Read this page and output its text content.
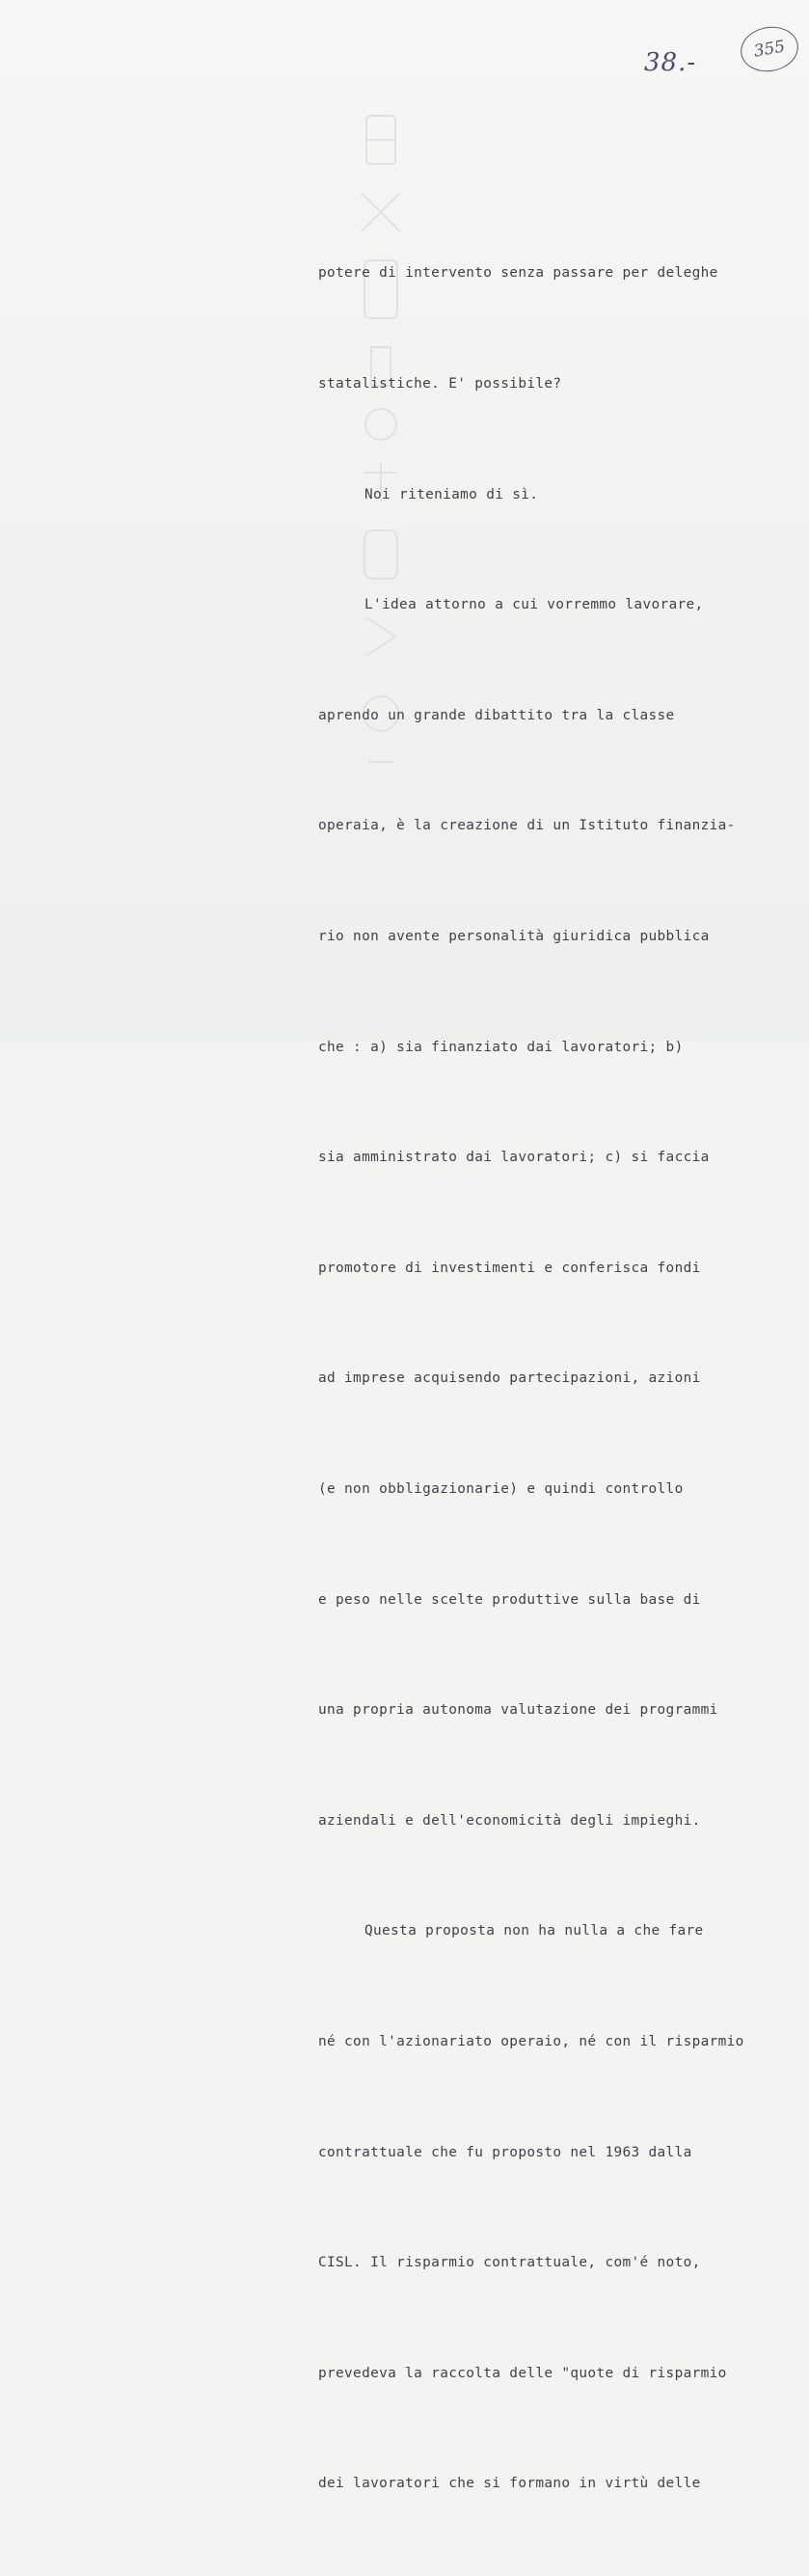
38.-	355

potere di intervento senza passare per deleghe

statalistiche. E' possibile?

Noi riteniamo di sì.

L'idea attorno a cui vorremmo lavorare,

aprendo un grande dibattito tra la classe

operaia, è la creazione di un Istituto finanzia-

rio non avente personalità giuridica pubblica

che : a) sia finanziato dai lavoratori; b)

sia amministrato dai lavoratori; c) si faccia

promotore di investimenti e conferisca fondi

ad imprese acquisendo partecipazioni, azioni

(e non obbligazionarie) e quindi controllo

e peso nelle scelte produttive sulla base di

una propria autonoma valutazione dei programmi

aziendali e dell'economicità degli impieghi.

Questa proposta non ha nulla a che fare

né con l'azionariato operaio, né con il risparmio

contrattuale che fu proposto nel 1963 dalla

CISL. Il risparmio contrattuale, com'é noto,

prevedeva la raccolta delle "quote di risparmio

dei lavoratori che si formano in virtù delle
